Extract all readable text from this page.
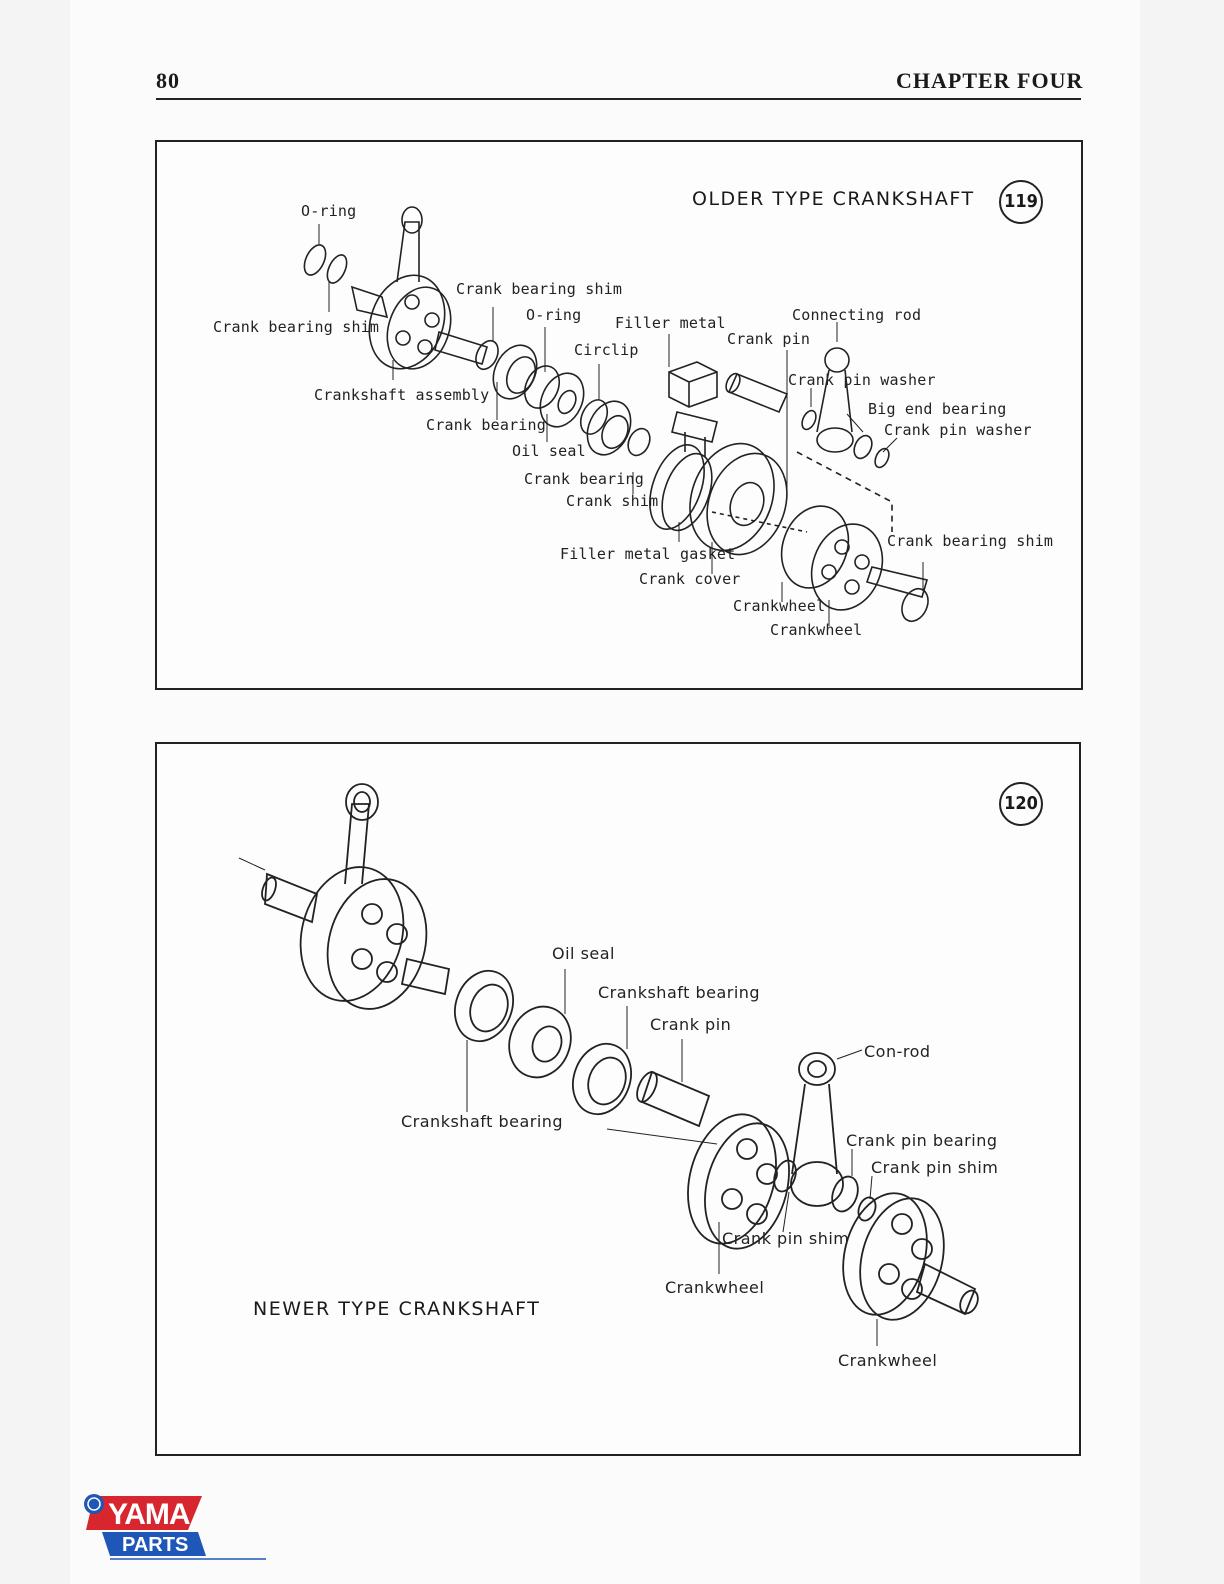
80	CHAPTER FOUR
OLDER TYPE CRANKSHAFT 119
O-ring
Crank bearing shim
Crank bearing shim
O-ring Filler metal	Connecting rod
Crank pin
Circlip
Crank pin washer
Crankshaft assembly
Big end bearing
Crank pin washer
Crank bearing
Oil seal
Crank bearing
Crank shim
Crank bearing shim
Filler metal gasket
Crank cover
Crankwheel
Crankwheel
120
NEWER TYPE CRANKSHAFT
Oil seal
Crankshaft bearing
Crank pin
Con-rod
Crankshaft bearing
Crank pin bearing
Crank pin shim
Crank pin shim
Crankwheel
Crankwheel
YAMA
PARTS
